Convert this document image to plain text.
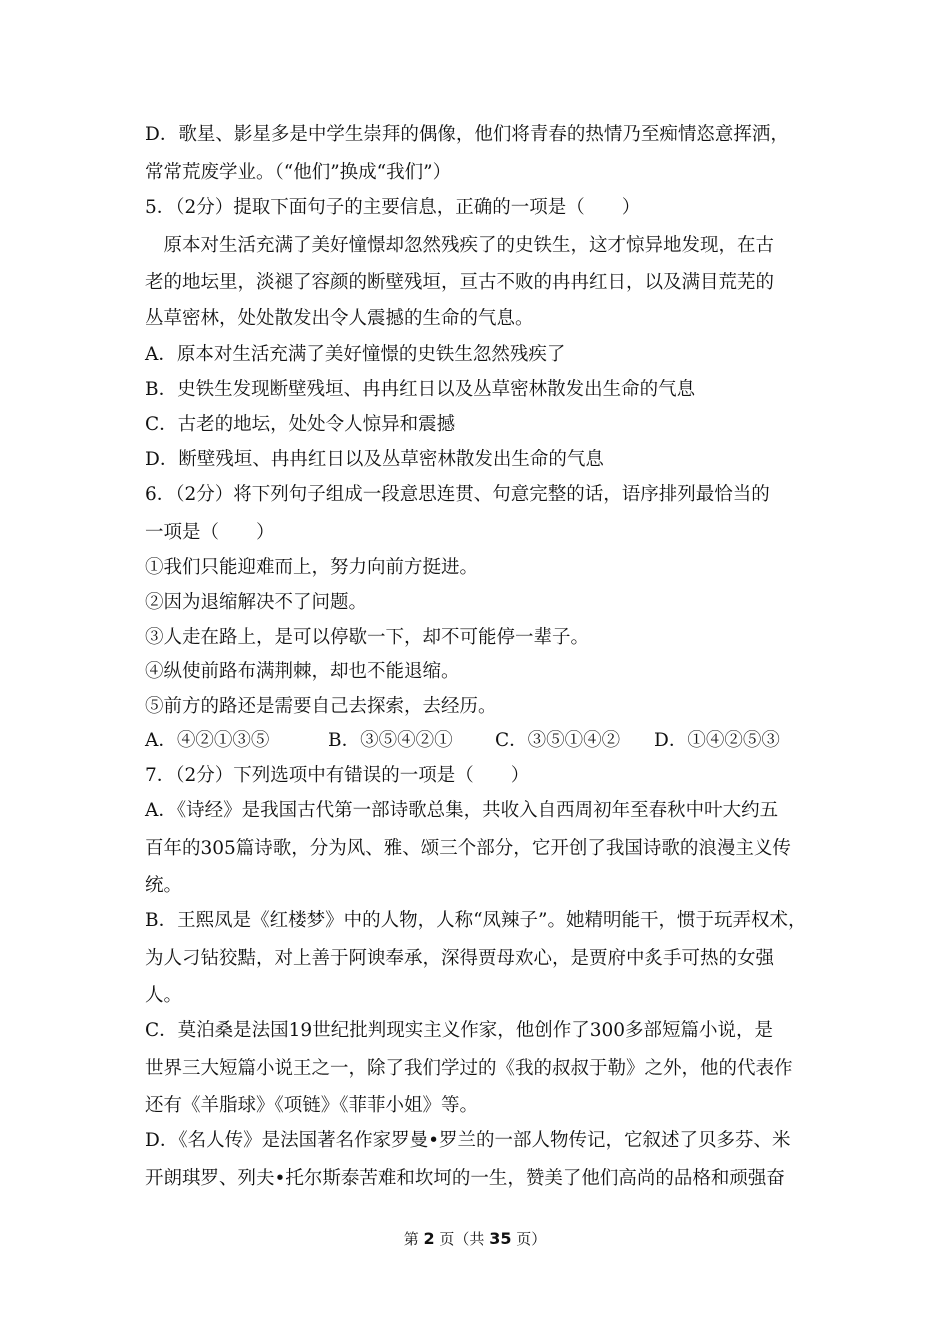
D．歌星、影星多是中学生崇拜的偶像，他们将青春的热情乃至痴情恣意挥洒，
常常荒废学业。（“他们”换成“我们”）
5．（2分）提取下面句子的主要信息，正确的一项是（　　）
　原本对生活充满了美好憧憬却忽然残疾了的史铁生，这才惊异地发现，在古
老的地坛里，淡褪了容颜的断壁残垣，亘古不败的冉冉红日，以及满目荒芜的
丛草密林，处处散发出令人震撼的生命的气息。
A．原本对生活充满了美好憧憬的史铁生忽然残疾了
B．史铁生发现断壁残垣、冉冉红日以及丛草密林散发出生命的气息
C．古老的地坛，处处令人惊异和震撼
D．断壁残垣、冉冉红日以及丛草密林散发出生命的气息
6．（2分）将下列句子组成一段意思连贯、句意完整的话，语序排列最恰当的
一项是（　　）
①我们只能迎难而上，努力向前方挺进。
②因为退缩解决不了问题。
③人走在路上，是可以停歇一下，却不可能停一辈子。
④纵使前路布满荆棘，却也不能退缩。
⑤前方的路还是需要自己去探索，去经历。
A．④②①③⑤	B．③⑤④②①	C．③⑤①④②	D．①④②⑤③
7．（2分）下列选项中有错误的一项是（　　）
A．《诗经》是我国古代第一部诗歌总集，共收入自西周初年至春秋中叶大约五
百年的305篇诗歌，分为风、雅、颂三个部分，它开创了我国诗歌的浪漫主义传
统。
B．王熙凤是《红楼梦》中的人物，人称“凤辣子”。她精明能干，惯于玩弄权术，
为人刁钻狡黠，对上善于阿谀奉承，深得贾母欢心，是贾府中炙手可热的女强
人。
C．莫泊桑是法国19世纪批判现实主义作家，他创作了300多部短篇小说，是
世界三大短篇小说王之一，除了我们学过的《我的叔叔于勒》之外，他的代表作
还有《羊脂球》《项链》《菲菲小姐》等。
D．《名人传》是法国著名作家罗曼•罗兰的一部人物传记，它叙述了贝多芬、米
开朗琪罗、列夫•托尔斯泰苦难和坎坷的一生，赞美了他们高尚的品格和顽强奋
第 2 页（共 35 页）
